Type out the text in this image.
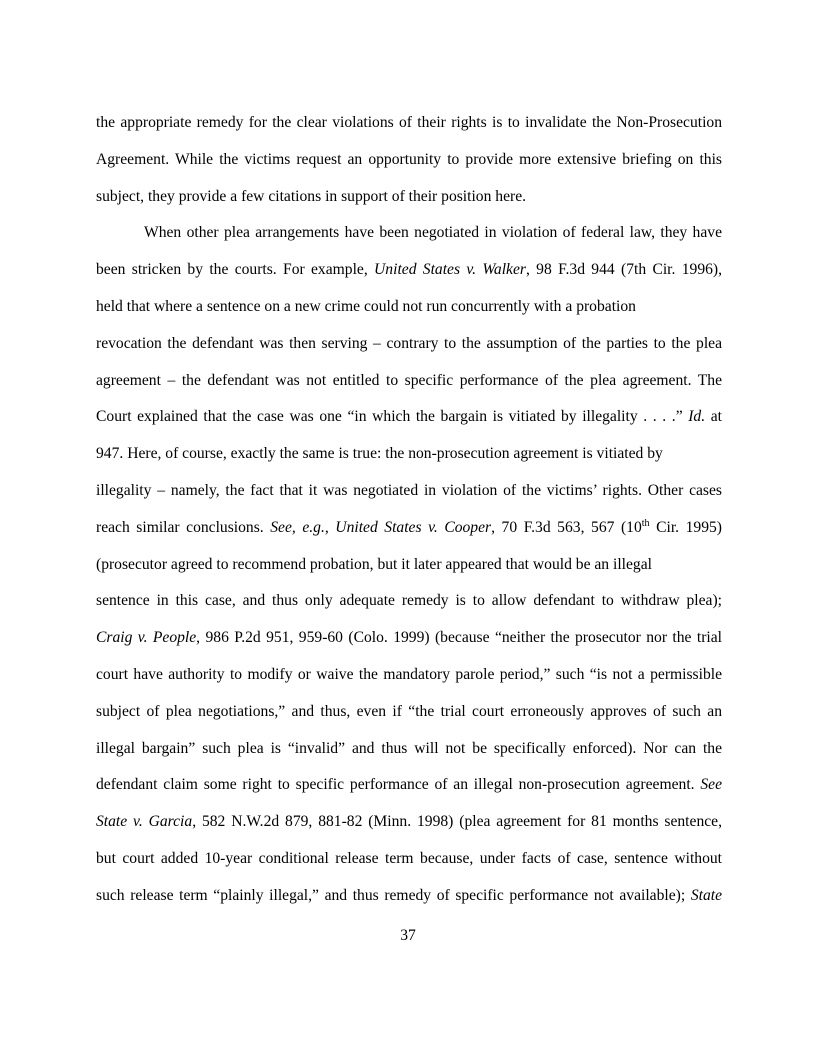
the appropriate remedy for the clear violations of their rights is to invalidate the Non-Prosecution
Agreement. While the victims request an opportunity to provide more extensive briefing on this
subject, they provide a few citations in support of their position here.
When other plea arrangements have been negotiated in violation of federal law, they have
been stricken by the courts. For example, United States v. Walker, 98 F.3d 944 (7th Cir. 1996),
held that where a sentence on a new crime could not run concurrently with a probation
revocation the defendant was then serving – contrary to the assumption of the parties to the plea
agreement – the defendant was not entitled to specific performance of the plea agreement. The
Court explained that the case was one “in which the bargain is vitiated by illegality . . . .” Id. at
947. Here, of course, exactly the same is true: the non-prosecution agreement is vitiated by
illegality – namely, the fact that it was negotiated in violation of the victims’ rights. Other cases
reach similar conclusions. See, e.g., United States v. Cooper, 70 F.3d 563, 567 (10th Cir. 1995)
(prosecutor agreed to recommend probation, but it later appeared that would be an illegal
sentence in this case, and thus only adequate remedy is to allow defendant to withdraw plea);
Craig v. People, 986 P.2d 951, 959-60 (Colo. 1999) (because “neither the prosecutor nor the trial
court have authority to modify or waive the mandatory parole period,” such “is not a permissible
subject of plea negotiations,” and thus, even if “the trial court erroneously approves of such an
illegal bargain” such plea is “invalid” and thus will not be specifically enforced). Nor can the
defendant claim some right to specific performance of an illegal non-prosecution agreement. See
State v. Garcia, 582 N.W.2d 879, 881-82 (Minn. 1998) (plea agreement for 81 months sentence,
but court added 10-year conditional release term because, under facts of case, sentence without
such release term “plainly illegal,” and thus remedy of specific performance not available); State
37
